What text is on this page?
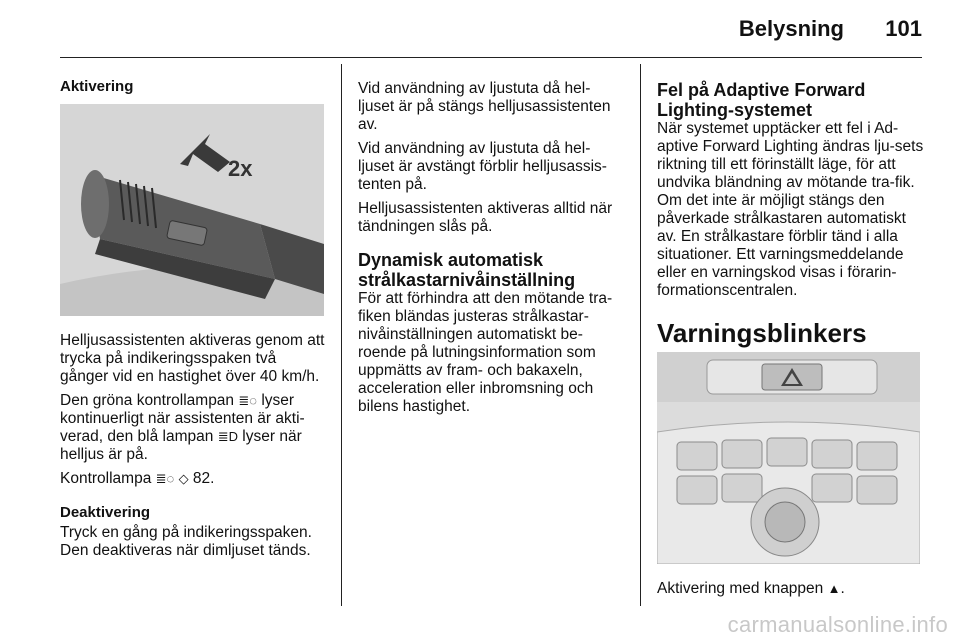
Belysning 101
Aktivering
2x

Helljusassistenten aktiveras genom att trycka på indikeringsspaken två gånger vid en hastighet över 40 km/h.

Den gröna kontrollampan ≣◌ lyser kontinuerligt när assistenten är akti-verad, den blå lampan ≣D lyser när helljus är på.

Kontrollampa ≣◌ ◇ 82.

Deaktivering

Tryck en gång på indikeringsspaken. Den deaktiveras när dimljuset tänds.

Vid användning av ljustuta då hel-ljuset är på stängs helljusassistenten av.

Vid användning av ljustuta då hel-ljuset är avstängt förblir helljusassis-tenten på.

Helljusassistenten aktiveras alltid när tändningen slås på.

Dynamisk automatisk strålkastarnivåinställning

För att förhindra att den mötande tra-fiken bländas justeras strålkastar-nivåinställningen automatiskt be-roende på lutningsinformation som uppmätts av fram- och bakaxeln, acceleration eller inbromsning och bilens hastighet.

Fel på Adaptive Forward Lighting-systemet

När systemet upptäcker ett fel i Ad-aptive Forward Lighting ändras lju-sets riktning till ett förinställt läge, för att undvika bländning av mötande tra-fik. Om det inte är möjligt stängs den påverkade strålkastaren automatiskt av. En strålkastare förblir tänd i alla situationer. Ett varningsmeddelande eller en varningskod visas i förarin-formationscentralen.

Varningsblinkers
Aktivering med knappen ▲.
carmanualsonline.info
